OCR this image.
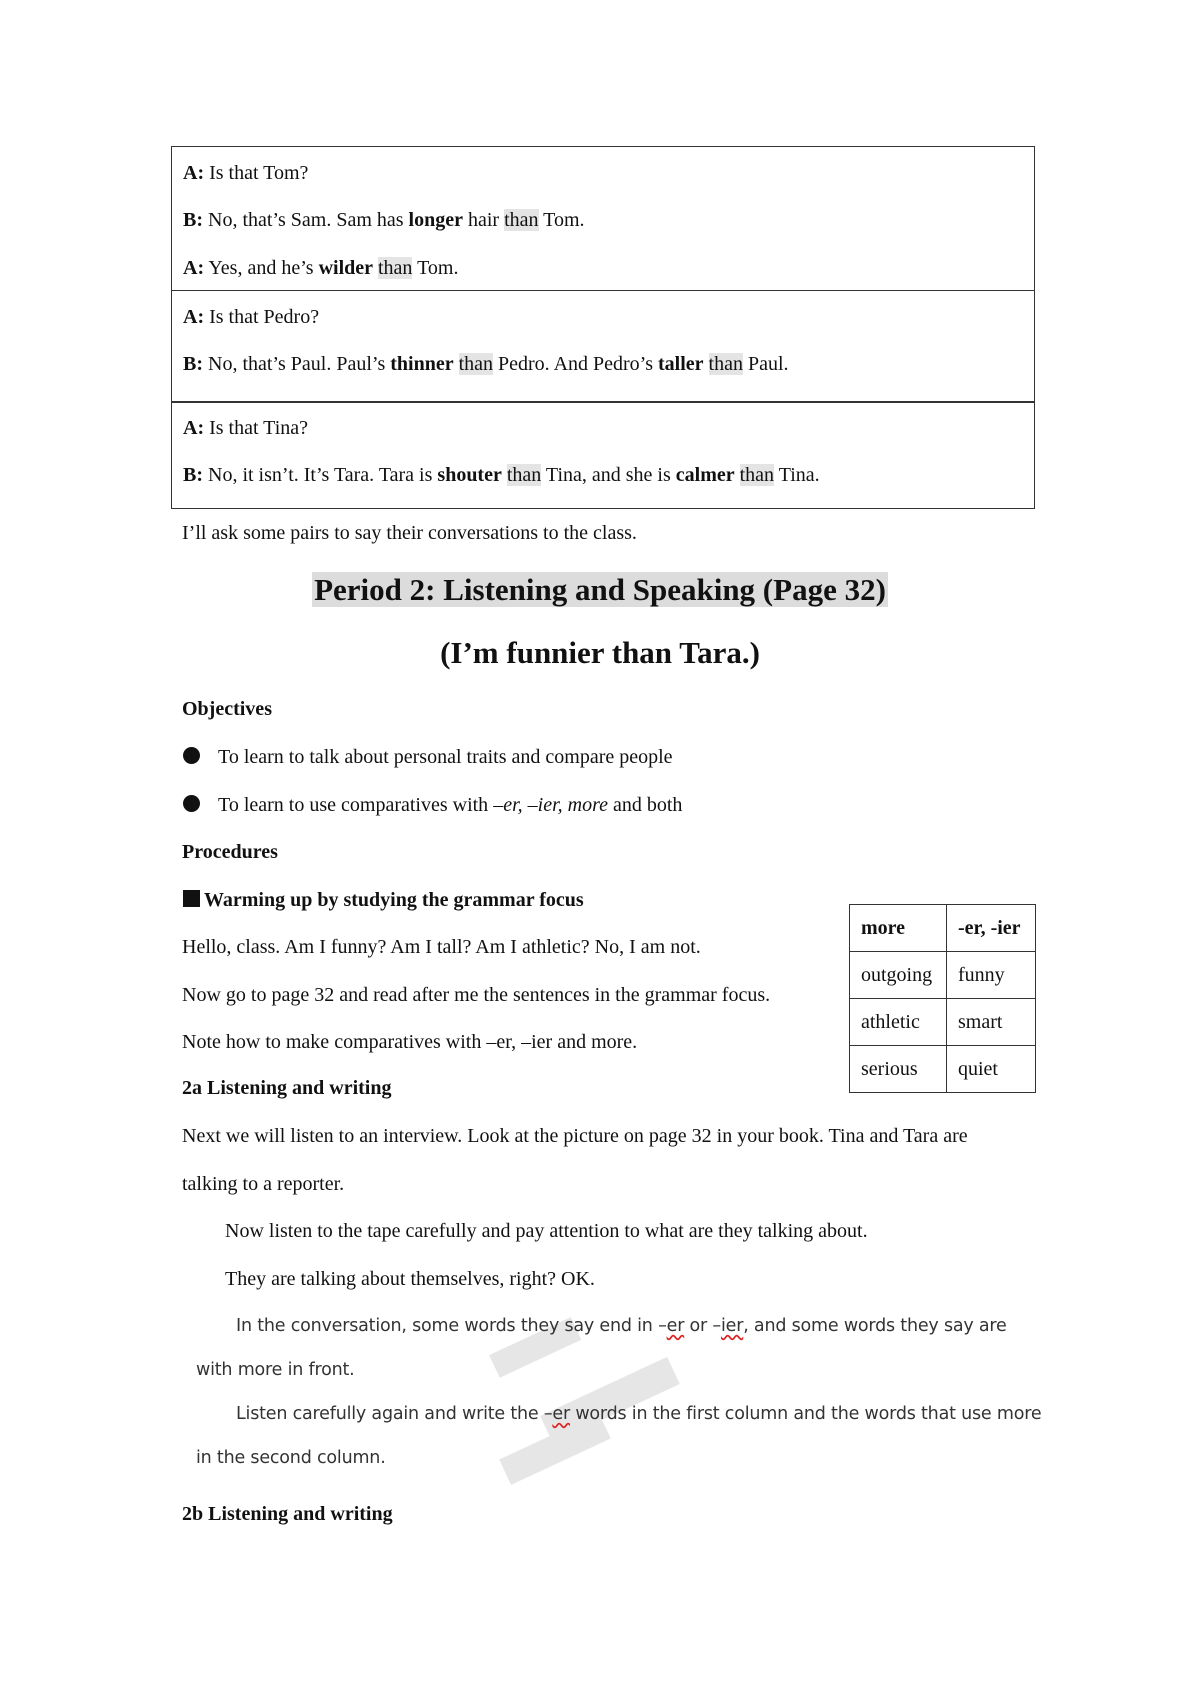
A: Is that Tom?
B: No, that’s Sam. Sam has longer hair than Tom.
A: Yes, and he’s wilder than Tom.
A: Is that Pedro?
B: No, that’s Paul. Paul’s thinner than Pedro. And Pedro’s taller than Paul.
A: Is that Tina?
B: No, it isn’t. It’s Tara. Tara is shouter than Tina, and she is calmer than Tina.
I’ll ask some pairs to say their conversations to the class.
Period 2: Listening and Speaking (Page 32)
(I’m funnier than Tara.)
Objectives
To learn to talk about personal traits and compare people
To learn to use comparatives with –er, –ier, more and both
Procedures
Warming up by studying the grammar focus
Hello, class. Am I funny? Am I tall? Am I athletic? No, I am not.
Now go to page 32 and read after me the sentences in the grammar focus.
Note how to make comparatives with –er, –ier and more.
more	-er, -ier
outgoing	funny
athletic	smart
serious	quiet
2a Listening and writing
Next we will listen to an interview. Look at the picture on page 32 in your book. Tina and Tara are
talking to a reporter.
Now listen to the tape carefully and pay attention to what are they talking about.
They are talking about themselves, right? OK.
In the conversation, some words they say end in –er or –ier, and some words they say are
with more in front.
Listen carefully again and write the –er words in the first column and the words that use more
in the second column.
2b Listening and writing
